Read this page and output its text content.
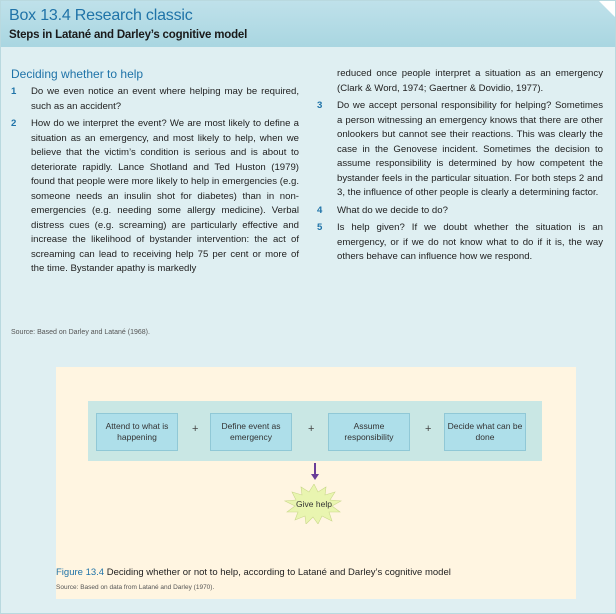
Box 13.4 Research classic
Steps in Latané and Darley’s cognitive model
Deciding whether to help
1 Do we even notice an event where helping may be required, such as an accident?
2 How do we interpret the event? We are most likely to define a situation as an emergency, and most likely to help, when we believe that the victim’s condition is serious and is about to deteriorate rapidly. Lance Shotland and Ted Huston (1979) found that people were more likely to help in emergencies (e.g. someone needs an insulin shot for diabetes) than in non-emergencies (e.g. needing some allergy medicine). Verbal distress cues (e.g. screaming) are particularly effective and increase the likelihood of bystander intervention: the act of screaming can lead to receiving help 75 per cent or more of the time. Bystander apathy is markedly
reduced once people interpret a situation as an emergency (Clark & Word, 1974; Gaertner & Dovidio, 1977).
3 Do we accept personal responsibility for helping? Sometimes a person witnessing an emergency knows that there are other onlookers but cannot see their reactions. This was clearly the case in the Genovese incident. Sometimes the decision to assume responsibility is determined by how competent the bystander feels in the particular situation. For both steps 2 and 3, the influence of other people is clearly a determining factor.
4 What do we decide to do?
5 Is help given? If we doubt whether the situation is an emergency, or if we do not know what to do if it is, the way others behave can influence how we respond.
Source: Based on Darley and Latané (1968).
Attend to what is happening
+	Define event as emergency
+	Assume responsibility
+	Decide what can be done
Give help
Figure 13.4 Deciding whether or not to help, according to Latané and Darley’s cognitive model
Source: Based on data from Latané and Darley (1970).
